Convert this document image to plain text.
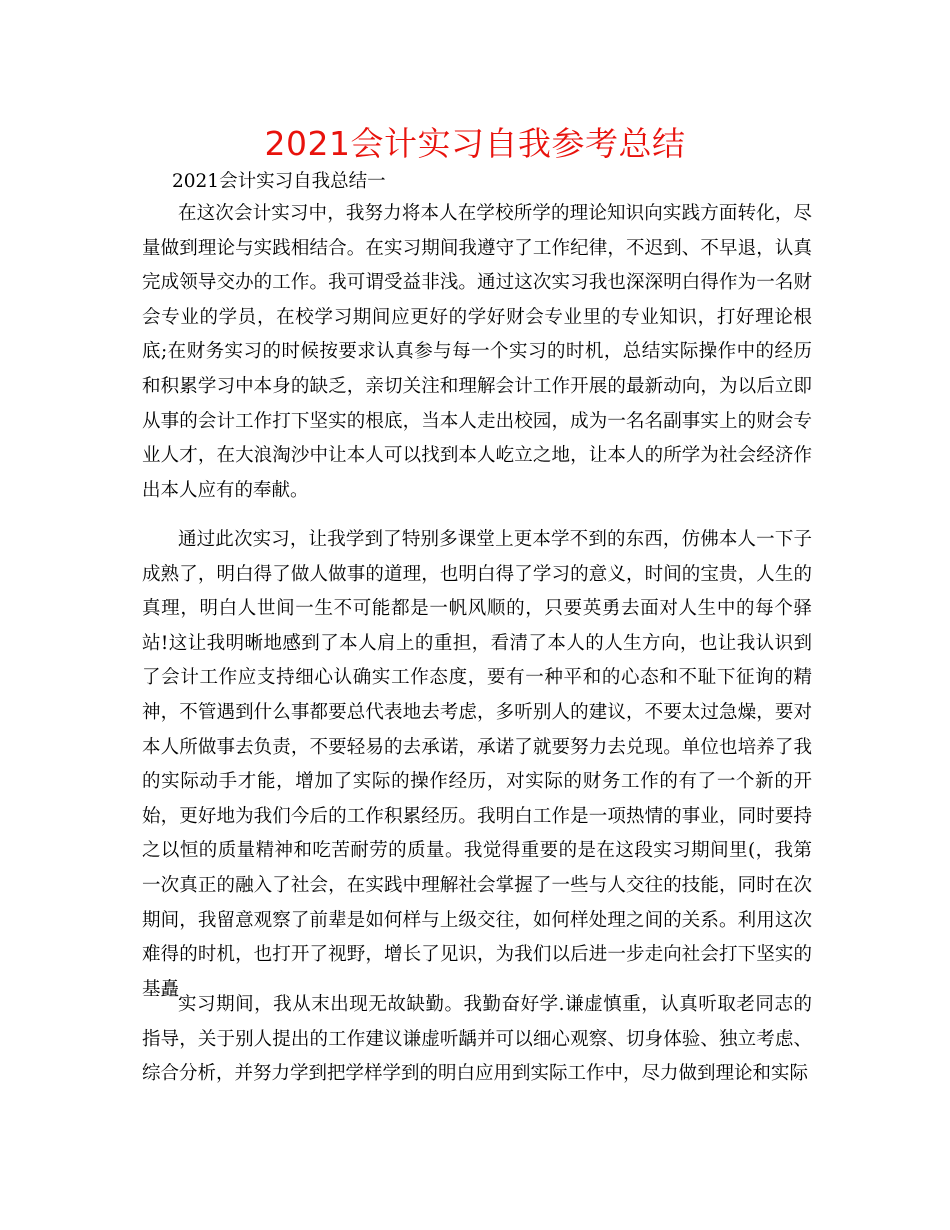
2021会计实习自我参考总结
2021会计实习自我总结一

在这次会计实习中，我努力将本人在学校所学的理论知识向实践方面转化，尽量做到理论与实践相结合。在实习期间我遵守了工作纪律，不迟到、不早退，认真完成领导交办的工作。我可谓受益非浅。通过这次实习我也深深明白得作为一名财会专业的学员，在校学习期间应更好的学好财会专业里的专业知识，打好理论根底;在财务实习的时候按要求认真参与每一个实习的时机，总结实际操作中的经历和积累学习中本身的缺乏，亲切关注和理解会计工作开展的最新动向，为以后立即从事的会计工作打下坚实的根底，当本人走出校园，成为一名名副事实上的财会专业人才，在大浪淘沙中让本人可以找到本人屹立之地，让本人的所学为社会经济作出本人应有的奉献。

通过此次实习，让我学到了特别多课堂上更本学不到的东西，仿佛本人一下子成熟了，明白得了做人做事的道理，也明白得了学习的意义，时间的宝贵，人生的真理，明白人世间一生不可能都是一帆风顺的，只要英勇去面对人生中的每个驿站!这让我明晰地感到了本人肩上的重担，看清了本人的人生方向，也让我认识到了会计工作应支持细心认确实工作态度，要有一种平和的心态和不耻下征询的精神，不管遇到什么事都要总代表地去考虑，多听别人的建议，不要太过急燥，要对本人所做事去负责，不要轻易的去承诺，承诺了就要努力去兑现。单位也培养了我的实际动手才能，增加了实际的操作经历，对实际的财务工作的有了一个新的开始，更好地为我们今后的工作积累经历。我明白工作是一项热情的事业，同时要持之以恒的质量精神和吃苦耐劳的质量。我觉得重要的是在这段实习期间里(，我第一次真正的融入了社会，在实践中理解社会掌握了一些与人交往的技能，同时在次期间，我留意观察了前辈是如何样与上级交往，如何样处理之间的关系。利用这次难得的时机，也打开了视野，增长了见识，为我们以后进一步走向社会打下坚实的基矗

实习期间，我从末出现无故缺勤。我勤奋好学.谦虚慎重，认真听取老同志的指导，关于别人提出的工作建议谦虚听龋并可以细心观察、切身体验、独立考虑、综合分析，并努力学到把学样学到的明白应用到实际工作中，尽力做到理论和实际
